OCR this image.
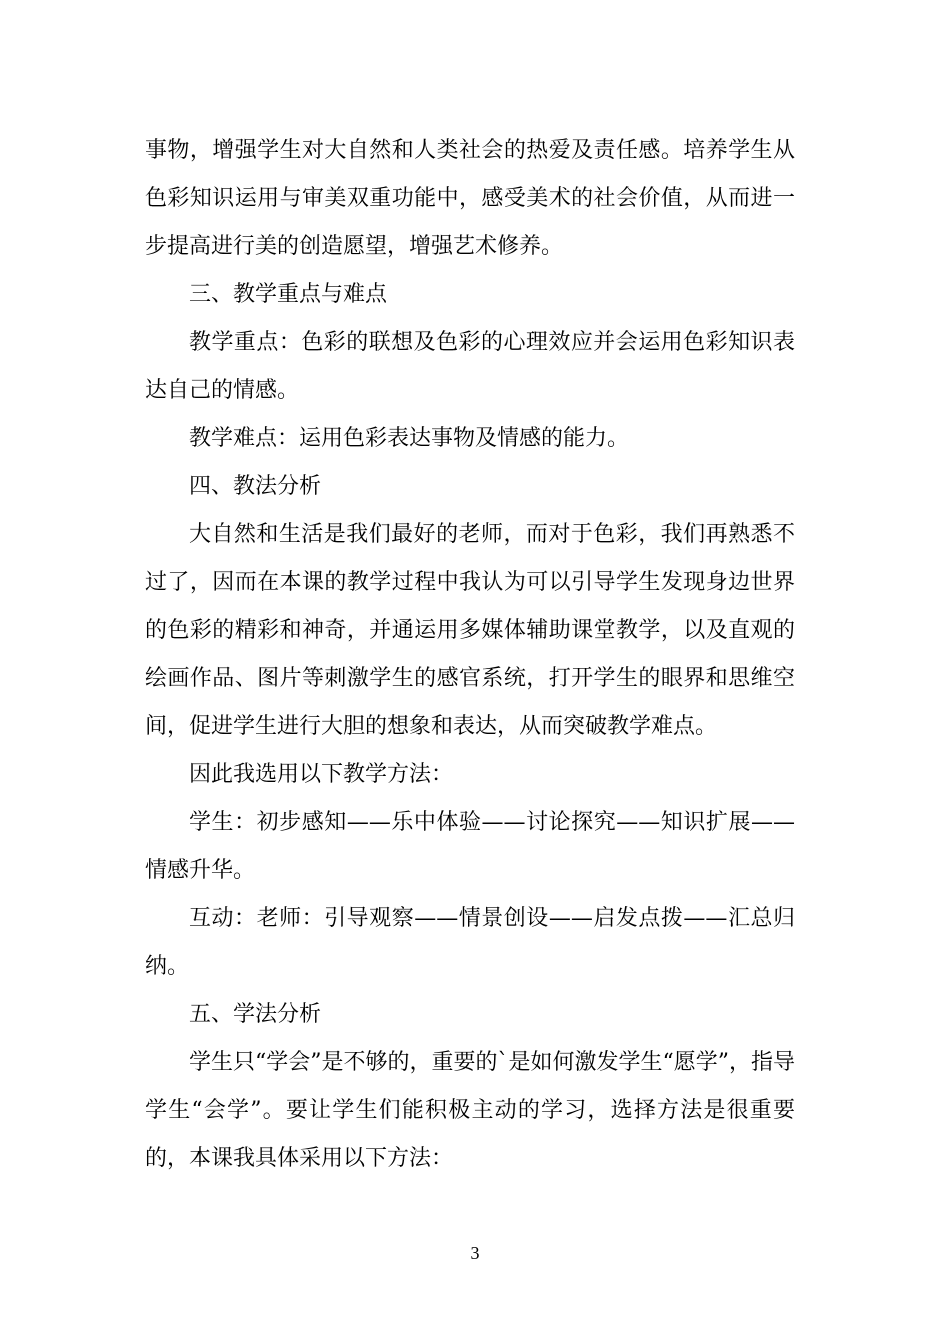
事物，增强学生对大自然和人类社会的热爱及责任感。培养学生从色彩知识运用与审美双重功能中，感受美术的社会价值，从而进一步提高进行美的创造愿望，增强艺术修养。

三、教学重点与难点

教学重点：色彩的联想及色彩的心理效应并会运用色彩知识表达自己的情感。

教学难点：运用色彩表达事物及情感的能力。

四、教法分析

大自然和生活是我们最好的老师，而对于色彩，我们再熟悉不过了，因而在本课的教学过程中我认为可以引导学生发现身边世界的色彩的精彩和神奇，并通运用多媒体辅助课堂教学，以及直观的绘画作品、图片等刺激学生的感官系统，打开学生的眼界和思维空间，促进学生进行大胆的想象和表达，从而突破教学难点。

因此我选用以下教学方法：

学生：初步感知——乐中体验——讨论探究——知识扩展——情感升华。

互动：老师：引导观察——情景创设——启发点拨——汇总归纳。

五、学法分析

学生只“学会”是不够的，重要的`是如何激发学生“愿学”，指导学生“会学”。要让学生们能积极主动的学习，选择方法是很重要的，本课我具体采用以下方法：

3
